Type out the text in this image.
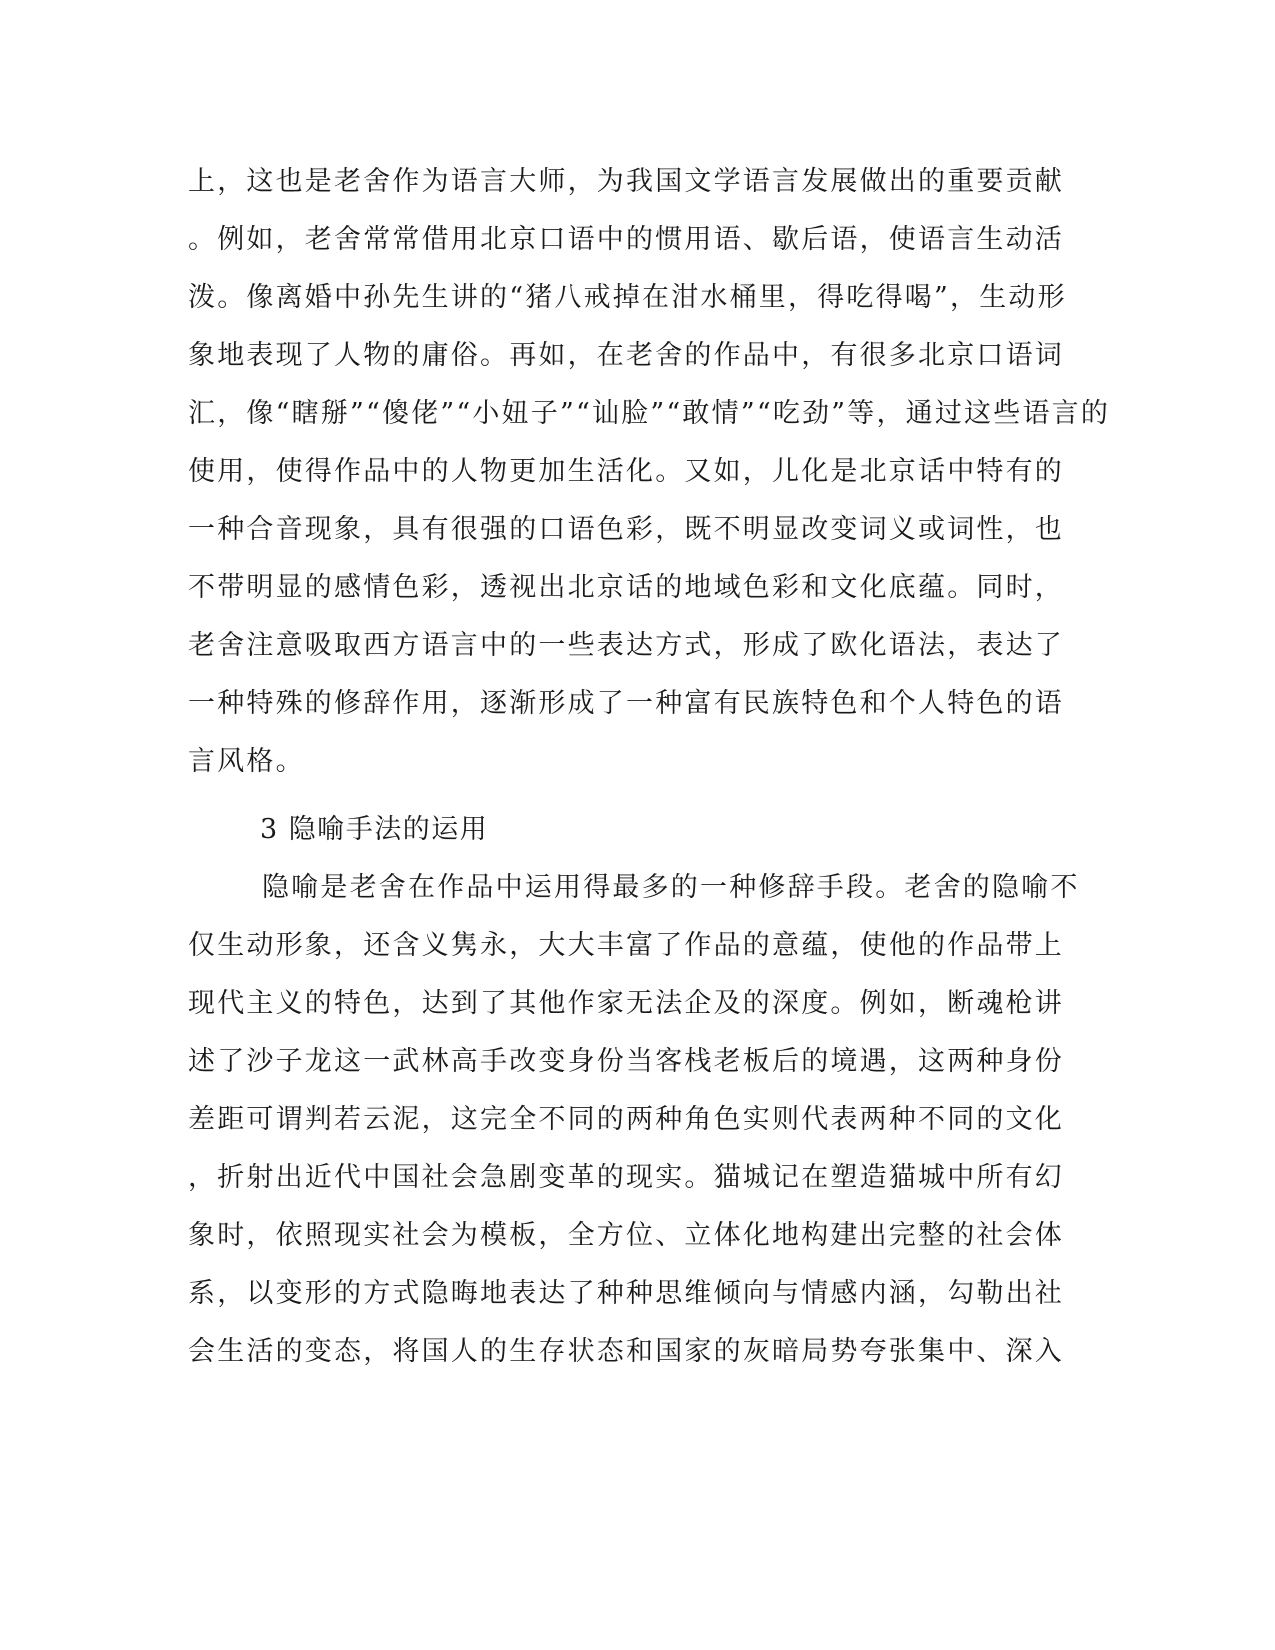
上，这也是老舍作为语言大师，为我国文学语言发展做出的重要贡献
。例如，老舍常常借用北京口语中的惯用语、歇后语，使语言生动活
泼。像离婚中孙先生讲的“猪八戒掉在泔水桶里，得吃得喝”，生动形
象地表现了人物的庸俗。再如，在老舍的作品中，有很多北京口语词
汇，像“瞎掰”“傻佬”“小妞子”“讪脸”“敢情”“吃劲”等，通过这些语言的
使用，使得作品中的人物更加生活化。又如，儿化是北京话中特有的
一种合音现象，具有很强的口语色彩，既不明显改变词义或词性，也
不带明显的感情色彩，透视出北京话的地域色彩和文化底蕴。同时，
老舍注意吸取西方语言中的一些表达方式，形成了欧化语法，表达了
一种特殊的修辞作用，逐渐形成了一种富有民族特色和个人特色的语
言风格。
3 隐喻手法的运用
隐喻是老舍在作品中运用得最多的一种修辞手段。老舍的隐喻不
仅生动形象，还含义隽永，大大丰富了作品的意蕴，使他的作品带上
现代主义的特色，达到了其他作家无法企及的深度。例如，断魂枪讲
述了沙子龙这一武林高手改变身份当客栈老板后的境遇，这两种身份
差距可谓判若云泥，这完全不同的两种角色实则代表两种不同的文化
，折射出近代中国社会急剧变革的现实。猫城记在塑造猫城中所有幻
象时，依照现实社会为模板，全方位、立体化地构建出完整的社会体
系，以变形的方式隐晦地表达了种种思维倾向与情感内涵，勾勒出社
会生活的变态，将国人的生存状态和国家的灰暗局势夸张集中、深入
